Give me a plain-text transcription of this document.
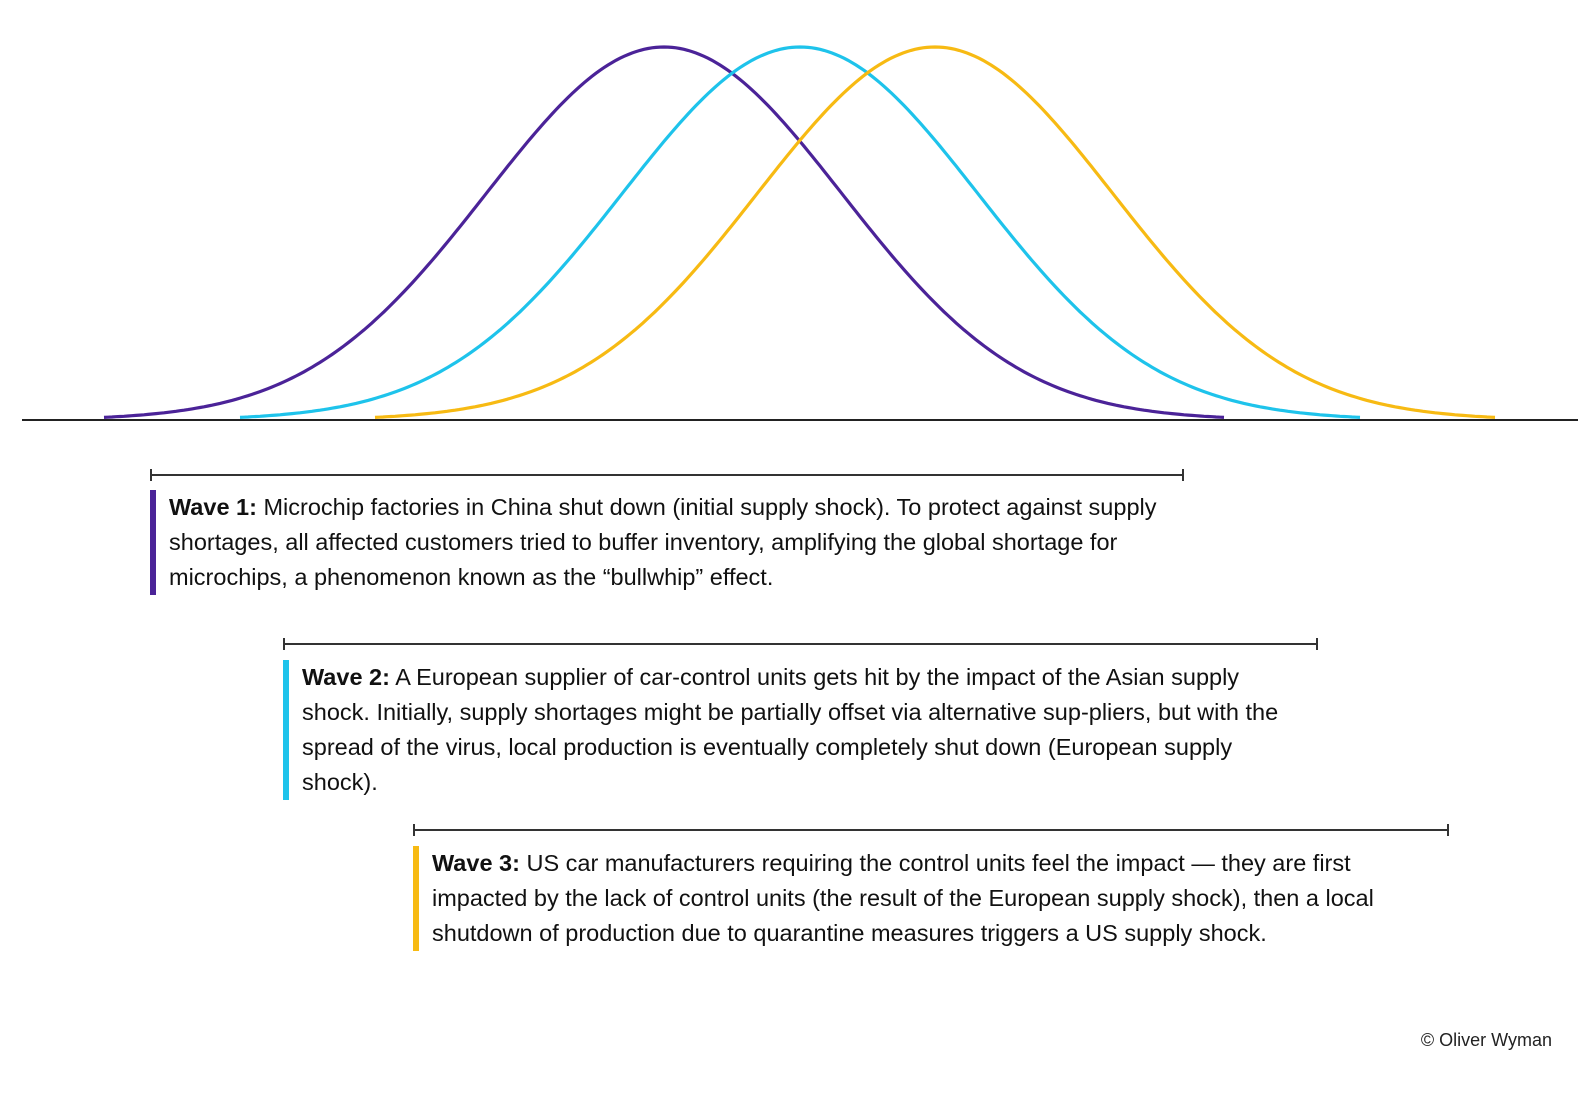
Wave 1: Microchip factories in China shut down (initial supply shock). To protect against supply shortages, all affected customers tried to buffer inventory, amplifying the global shortage for microchips, a phenomenon known as the “bullwhip” effect.
Wave 2: A European supplier of car-control units gets hit by the impact of the Asian supply shock. Initially, supply shortages might be partially offset via alternative sup-pliers, but with the spread of the virus, local production is eventually completely shut down (European supply shock).
Wave 3: US car manufacturers requiring the control units feel the impact — they are first impacted by the lack of control units (the result of the European supply shock), then a local shutdown of production due to quarantine measures triggers a US supply shock.
© Oliver Wyman
